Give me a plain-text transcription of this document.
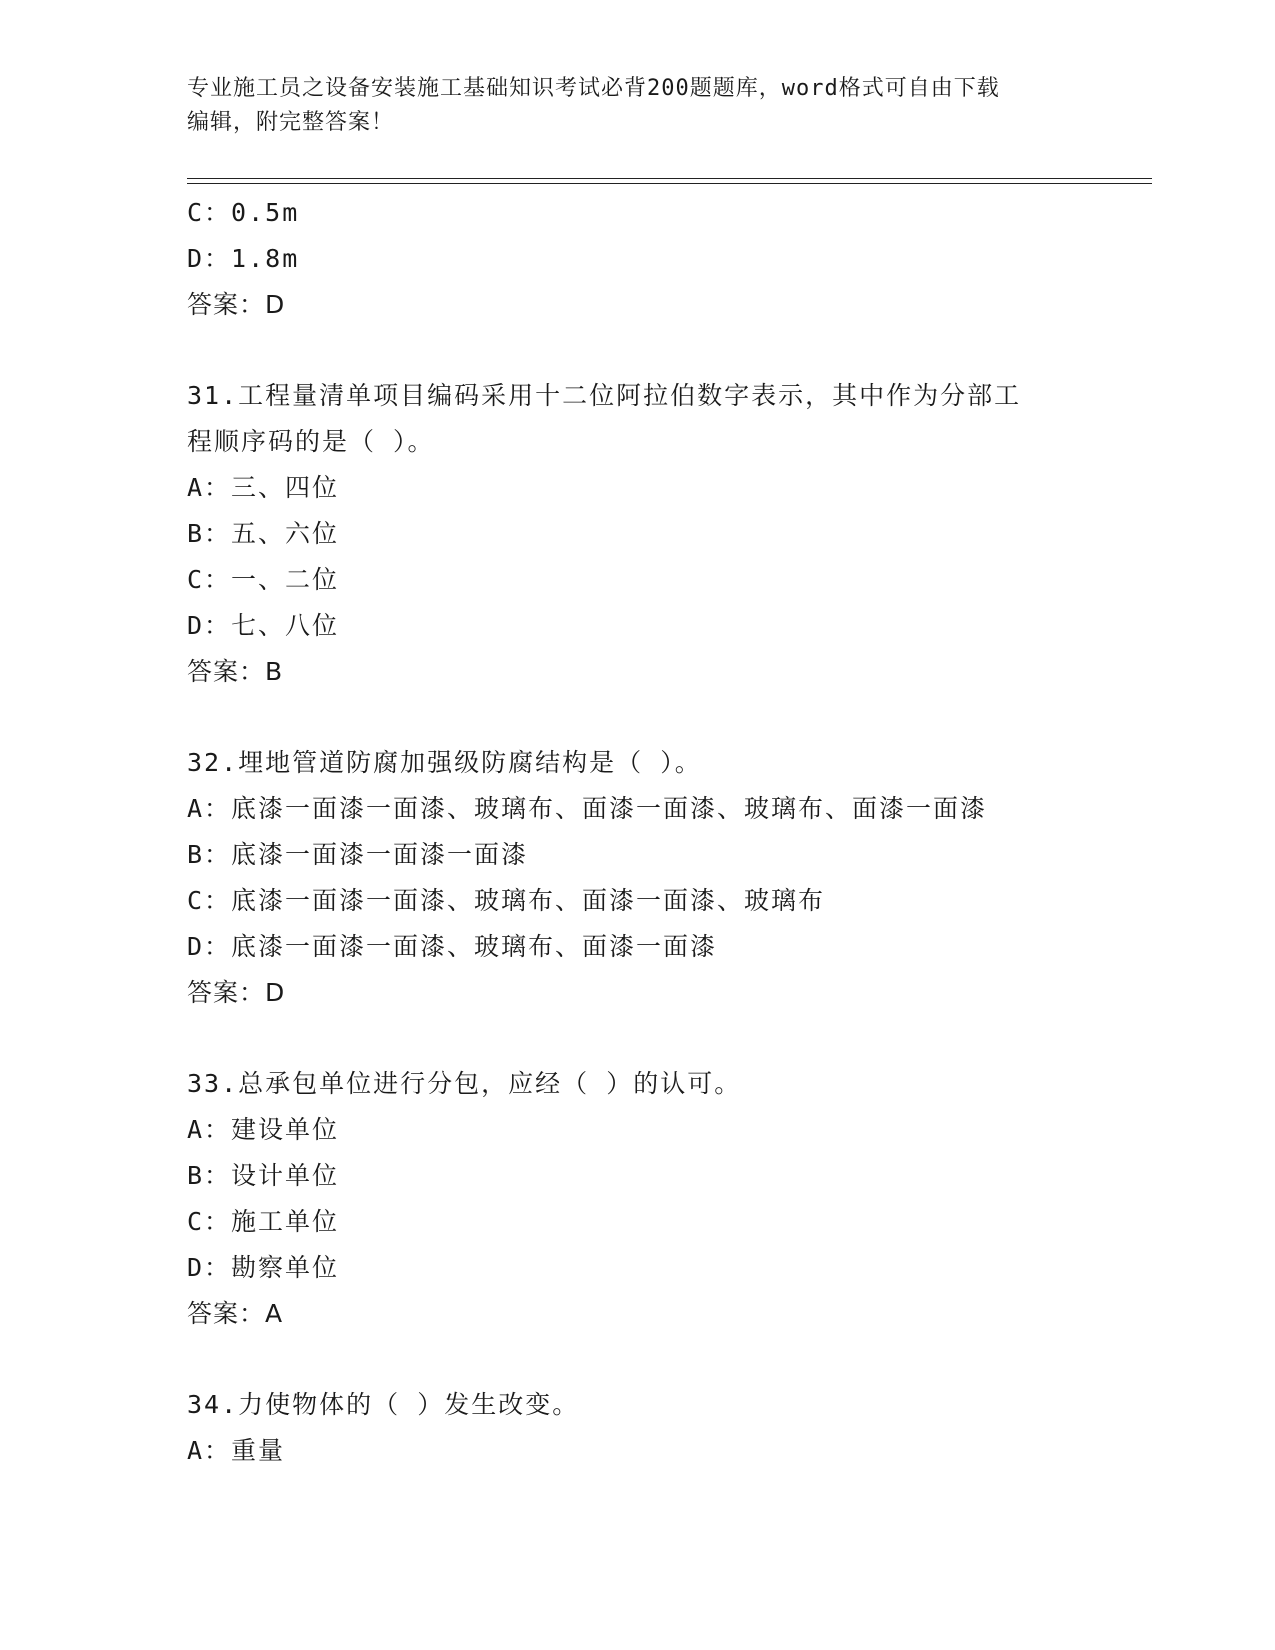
专业施工员之设备安装施工基础知识考试必背200题题库，word格式可自由下载
编辑，附完整答案！
C：0.5m
D：1.8m
答案：D
31.工程量清单项目编码采用十二位阿拉伯数字表示，其中作为分部工
程顺序码的是（ ）。
A：三、四位
B：五、六位
C：一、二位
D：七、八位
答案：B
32.埋地管道防腐加强级防腐结构是（ ）。
A：底漆一面漆一面漆、玻璃布、面漆一面漆、玻璃布、面漆一面漆
B：底漆一面漆一面漆一面漆
C：底漆一面漆一面漆、玻璃布、面漆一面漆、玻璃布
D：底漆一面漆一面漆、玻璃布、面漆一面漆
答案：D
33.总承包单位进行分包，应经（ ）的认可。
A：建设单位
B：设计单位
C：施工单位
D：勘察单位
答案：A
34.力使物体的（ ）发生改变。
A：重量
